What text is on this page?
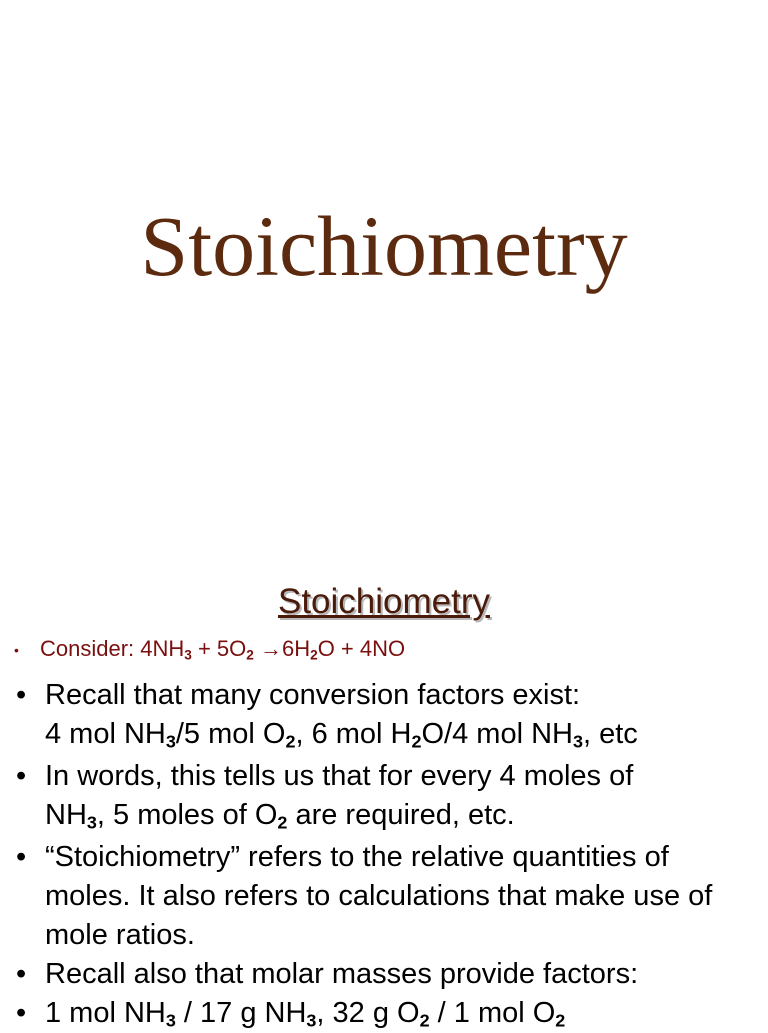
Stoichiometry
Stoichiometry
• Consider: $4NH_3 + 5O_2 \to 6H_2O + 4NO$
• Recall that many conversion factors exist:
4 mol $NH_3/5$ mol $O_2$, 6 mol $H_2O/4$ mol $NH_3$, etc
• In words, this tells us that for every 4 moles of
$NH_3$, 5 moles of $O_2$ are required, etc.
• “Stoichiometry” refers to the relative quantities of moles. It also refers to calculations that make use of mole ratios.
• Recall also that molar masses provide factors:
• 1 mol $NH_3 / 17$ g $NH_3$, 32 g $O_2 / 1$ mol $O_2$
